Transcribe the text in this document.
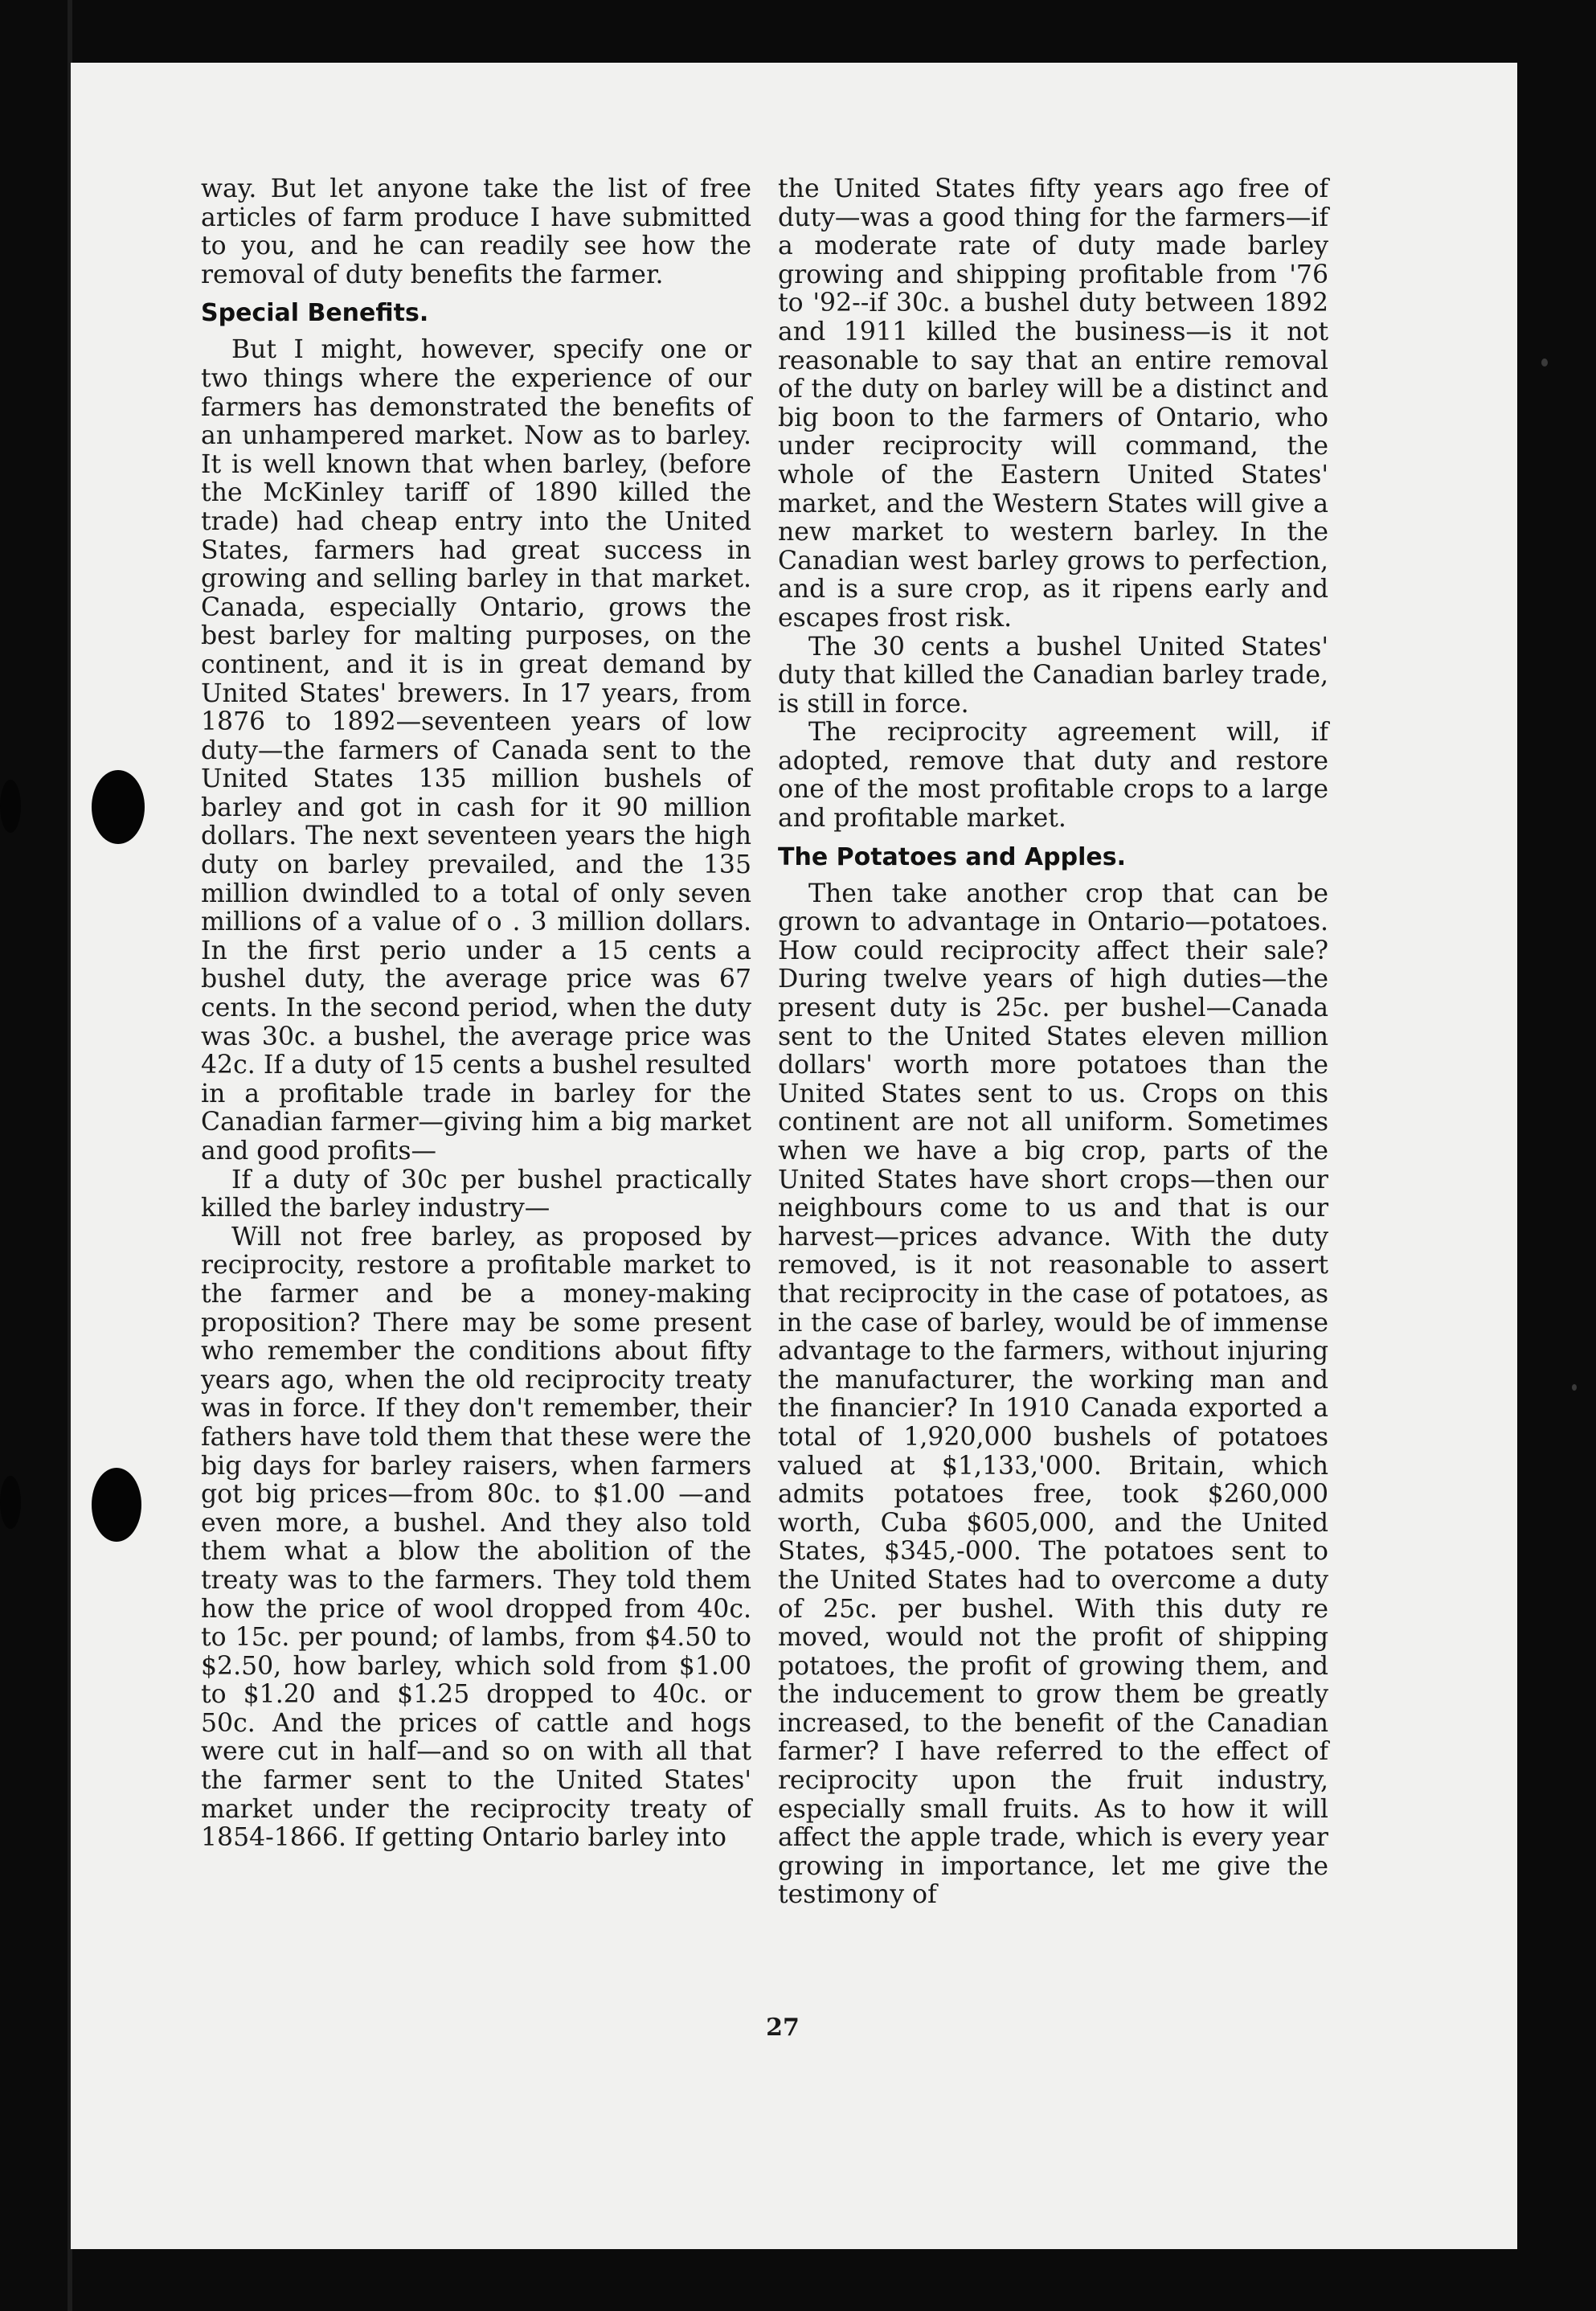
way. But let anyone take the list of free articles of farm produce I have submitted to you, and he can readily see how the removal of duty benefits the farmer.

Special Benefits.

But I might, however, specify one or two things where the experience of our farmers has demonstrated the benefits of an unhampered market. Now as to barley. It is well known that when barley, (before the McKinley tariff of 1890 killed the trade) had cheap entry into the United States, farmers had great success in growing and selling barley in that market. Canada, especially Ontario, grows the best barley for malting purposes, on the continent, and it is in great demand by United States' brewers. In 17 years, from 1876 to 1892—seventeen years of low duty—the farmers of Canada sent to the United States 135 million bushels of barley and got in cash for it 90 million dollars. The next seventeen years the high duty on barley prevailed, and the 135 million dwindled to a total of only seven millions of a value of o . 3 million dollars. In the first perio under a 15 cents a bushel duty, the average price was 67 cents. In the second period, when the duty was 30c. a bushel, the average price was 42c. If a duty of 15 cents a bushel resulted in a profitable trade in barley for the Canadian farmer—giving him a big market and good profits—

If a duty of 30c per bushel practically killed the barley industry—

Will not free barley, as proposed by reciprocity, restore a profitable market to the farmer and be a money-making proposition? There may be some present who remember the conditions about fifty years ago, when the old reciprocity treaty was in force. If they don't remember, their fathers have told them that these were the big days for barley raisers, when farmers got big prices—from 80c. to $1.00 —and even more, a bushel. And they also told them what a blow the abolition of the treaty was to the farmers. They told them how the price of wool dropped from 40c. to 15c. per pound; of lambs, from $4.50 to $2.50, how barley, which sold from $1.00 to $1.20 and $1.25 dropped to 40c. or 50c. And the prices of cattle and hogs were cut in half—and so on with all that the farmer sent to the United States' market under the reciprocity treaty of 1854-1866. If getting Ontario barley into

the United States fifty years ago free of duty—was a good thing for the farmers—if a moderate rate of duty made barley growing and shipping profitable from '76 to '92--if 30c. a bushel duty between 1892 and 1911 killed the business—is it not reasonable to say that an entire removal of the duty on barley will be a distinct and big boon to the farmers of Ontario, who under reciprocity will command, the whole of the Eastern United States' market, and the Western States will give a new market to western barley. In the Canadian west barley grows to perfection, and is a sure crop, as it ripens early and escapes frost risk.

The 30 cents a bushel United States' duty that killed the Canadian barley trade, is still in force.

The reciprocity agreement will, if adopted, remove that duty and restore one of the most profitable crops to a large and profitable market.

The Potatoes and Apples.

Then take another crop that can be grown to advantage in Ontario—potatoes. How could reciprocity affect their sale? During twelve years of high duties—the present duty is 25c. per bushel—Canada sent to the United States eleven million dollars' worth more potatoes than the United States sent to us. Crops on this continent are not all uniform. Sometimes when we have a big crop, parts of the United States have short crops—then our neighbours come to us and that is our harvest—prices advance. With the duty removed, is it not reasonable to assert that reciprocity in the case of potatoes, as in the case of barley, would be of immense advantage to the farmers, without injuring the manufacturer, the working man and the financier? In 1910 Canada exported a total of 1,920,000 bushels of potatoes valued at $1,133,'000. Britain, which admits potatoes free, took $260,000 worth, Cuba $605,000, and the United States, $345,-000. The potatoes sent to the United States had to overcome a duty of 25c. per bushel. With this duty re moved, would not the profit of shipping potatoes, the profit of growing them, and the inducement to grow them be greatly increased, to the benefit of the Canadian farmer? I have referred to the effect of reciprocity upon the fruit industry, especially small fruits. As to how it will affect the apple trade, which is every year growing in importance, let me give the testimony of

27
